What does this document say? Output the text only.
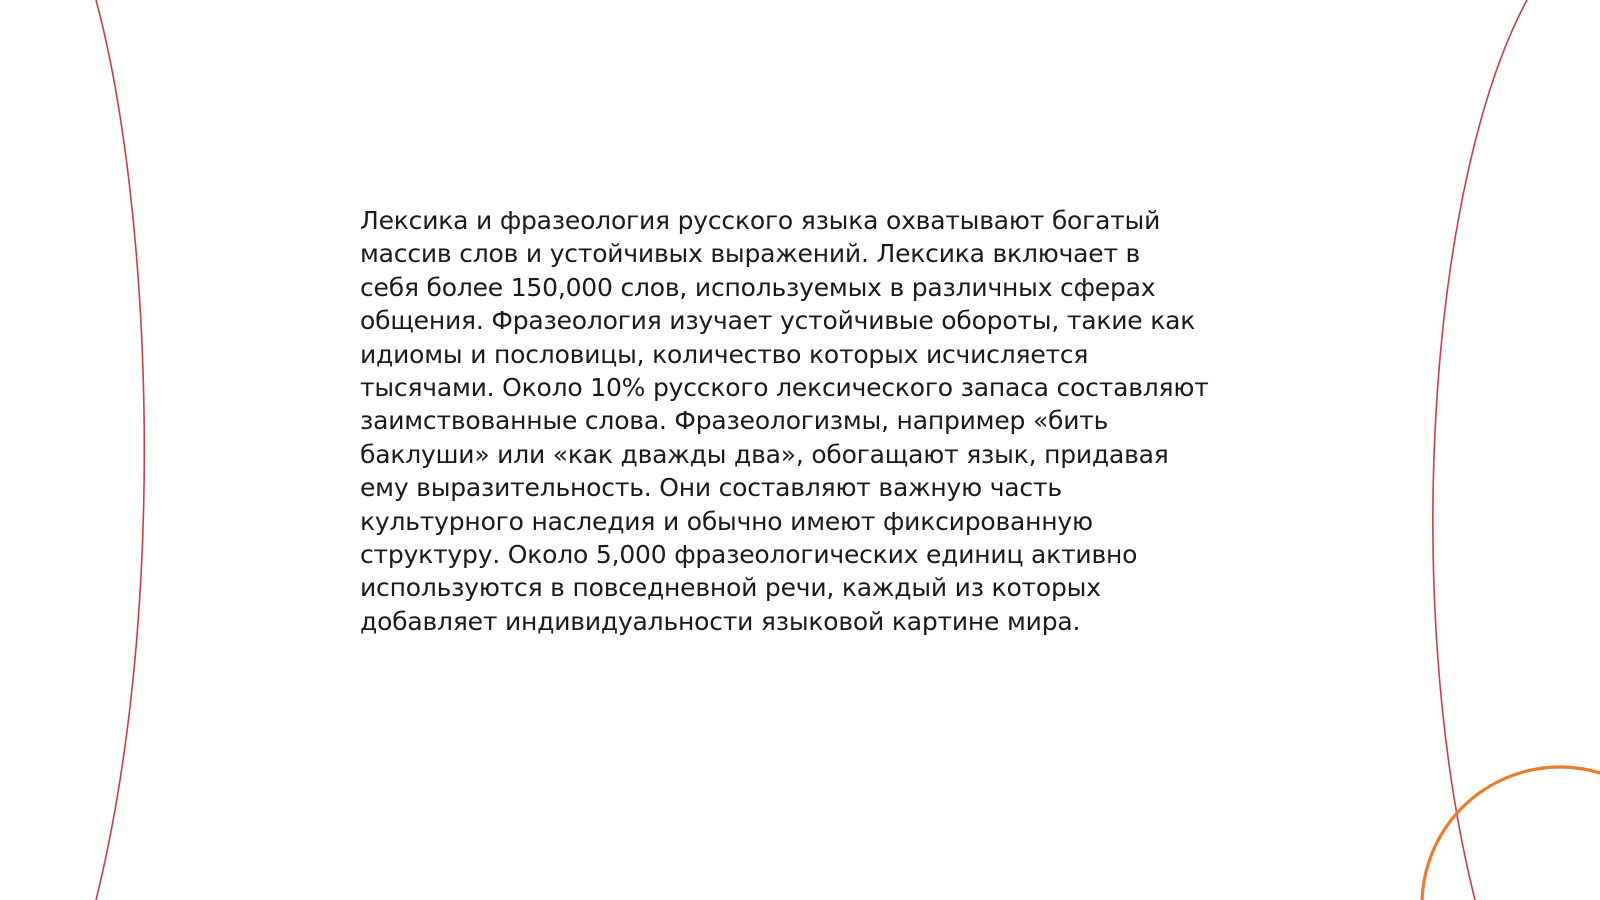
Лексика и фразеология русского языка охватывают богатый
массив слов и устойчивых выражений. Лексика включает в
себя более 150,000 слов, используемых в различных сферах
общения. Фразеология изучает устойчивые обороты, такие как
идиомы и пословицы, количество которых исчисляется
тысячами. Около 10% русского лексического запаса составляют
заимствованные слова. Фразеологизмы, например «бить
баклуши» или «как дважды два», обогащают язык, придавая
ему выразительность. Они составляют важную часть
культурного наследия и обычно имеют фиксированную
структуру. Около 5,000 фразеологических единиц активно
используются в повседневной речи, каждый из которых
добавляет индивидуальности языковой картине мира.
